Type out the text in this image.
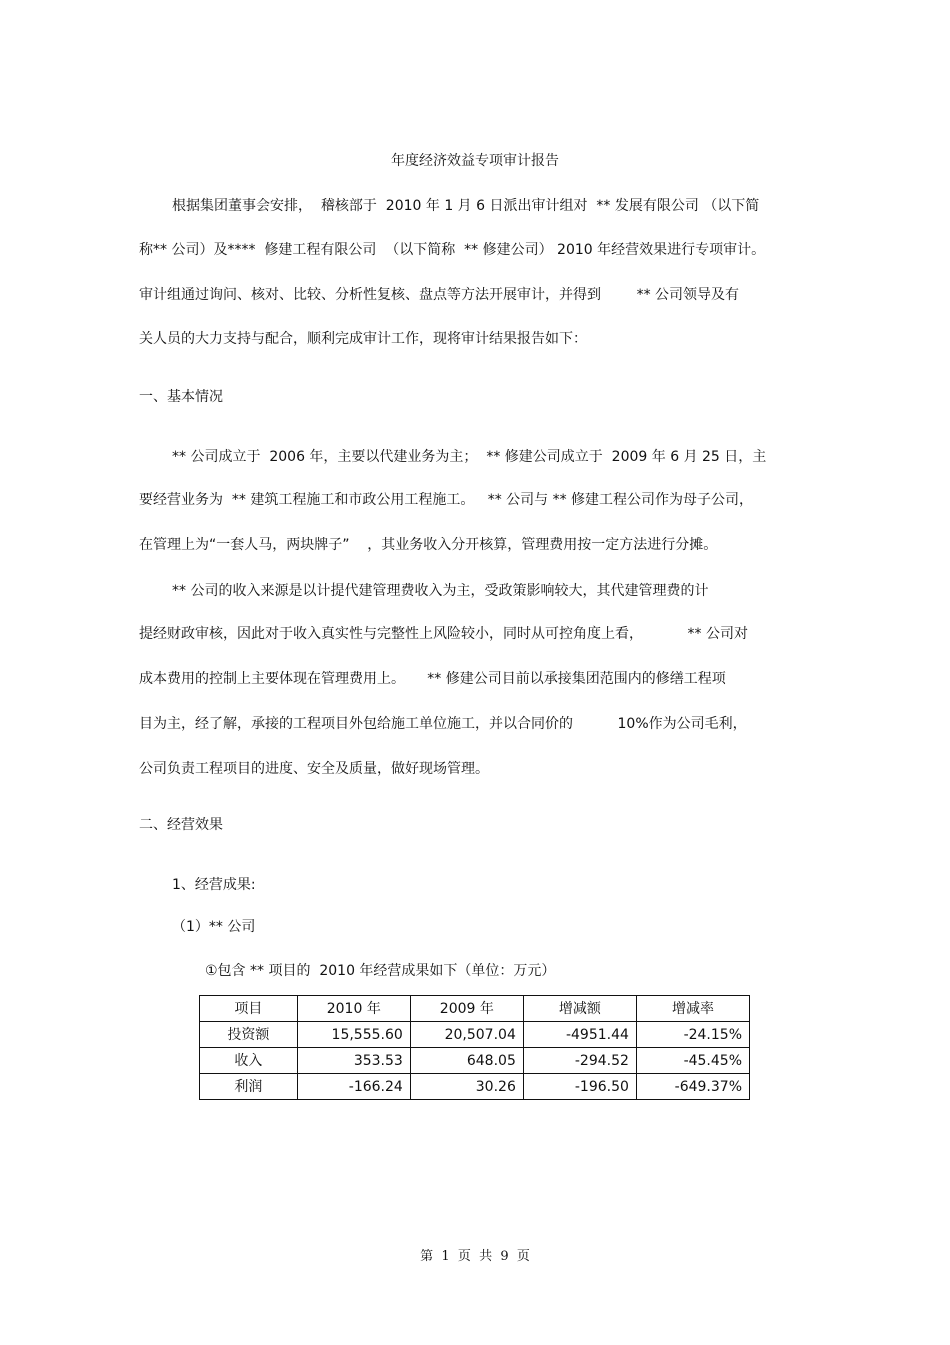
年度经济效益专项审计报告
根据集团董事会安排，  稽核部于  2010 年 1 月 6 日派出审计组对  ** 发展有限公司 （以下简
称** 公司）及****  修建工程有限公司  （以下简称  ** 修建公司） 2010 年经营效果进行专项审计。
审计组通过询问、核对、比较、分析性复核、盘点等方法开展审计，并得到        ** 公司领导及有
关人员的大力支持与配合，顺利完成审计工作，现将审计结果报告如下：
一、基本情况
** 公司成立于  2006 年，主要以代建业务为主；  ** 修建公司成立于  2009 年 6 月 25 日，主
要经营业务为  ** 建筑工程施工和市政公用工程施工。   ** 公司与 ** 修建工程公司作为母子公司，
在管理上为“一套人马，两块牌子”    ，其业务收入分开核算，管理费用按一定方法进行分摊。
** 公司的收入来源是以计提代建管理费收入为主，受政策影响较大，其代建管理费的计
提经财政审核，因此对于收入真实性与完整性上风险较小，同时从可控角度上看，          ** 公司对
成本费用的控制上主要体现在管理费用上。     ** 修建公司目前以承接集团范围内的修缮工程项
目为主，经了解，承接的工程项目外包给施工单位施工，并以合同价的          10%作为公司毛利，
公司负责工程项目的进度、安全及质量，做好现场管理。
二、经营效果
1、经营成果:
（1）** 公司
①包含 ** 项目的  2010 年经营成果如下（单位：万元）
项目	2010 年	2009 年	增减额	增减率
投资额	15,555.60	20,507.04	-4951.44	-24.15%
收入	353.53	648.05	-294.52	-45.45%
利润	-166.24	30.26	-196.50	-649.37%
第  1  页  共  9  页
